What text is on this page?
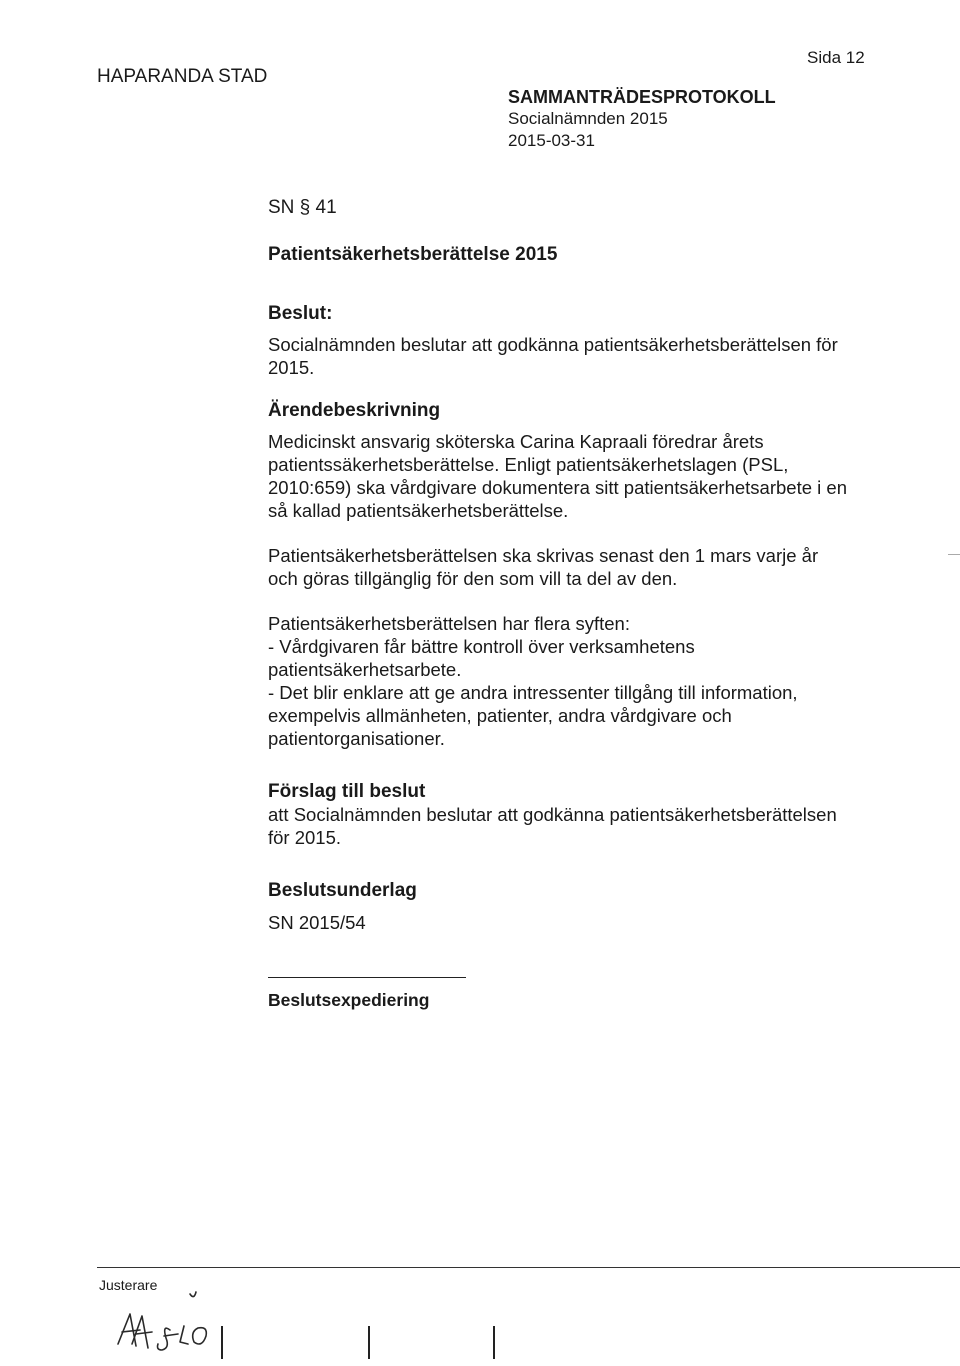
HAPARANDA STAD
Sida 12
SAMMANTRÄDESPROTOKOLL
Socialnämnden 2015
2015-03-31

SN § 41

Patientsäkerhetsberättelse 2015

Beslut:

Socialnämnden beslutar att godkänna patientsäkerhetsberättelsen för
2015.

Ärendebeskrivning

Medicinskt ansvarig sköterska Carina Kapraali föredrar årets
patientssäkerhetsberättelse. Enligt patientsäkerhetslagen (PSL,
2010:659) ska vårdgivare dokumentera sitt patientsäkerhetsarbete i en
så kallad patientsäkerhetsberättelse.
Patientsäkerhetsberättelsen ska skrivas senast den 1 mars varje år
och göras tillgänglig för den som vill ta del av den.
Patientsäkerhetsberättelsen har flera syften:
- Vårdgivaren får bättre kontroll över verksamhetens
patientsäkerhetsarbete.
- Det blir enklare att ge andra intressenter tillgång till information,
exempelvis allmänheten, patienter, andra vårdgivare och
patientorganisationer.

Förslag till beslut

att Socialnämnden beslutar att godkänna patientsäkerhetsberättelsen
för 2015.

Beslutsunderlag

SN 2015/54

Beslutsexpediering
Justerare
